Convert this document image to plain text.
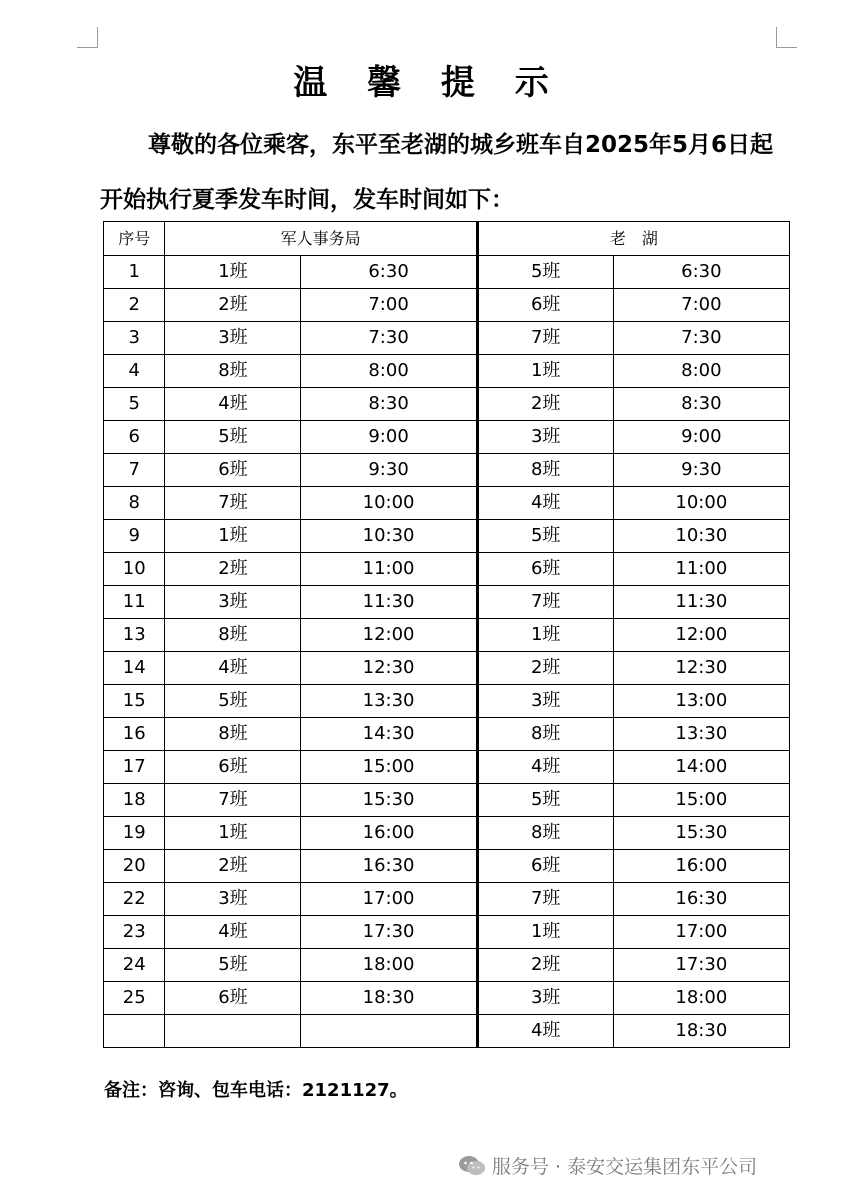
温 馨 提 示
尊敬的各位乘客，东平至老湖的城乡班车自2025年5月6日起开始执行夏季发车时间，发车时间如下：
序号	军人事务局		老　湖	
1	1班	6:30	5班	6:30
2	2班	7:00	6班	7:00
3	3班	7:30	7班	7:30
4	8班	8:00	1班	8:00
5	4班	8:30	2班	8:30
6	5班	9:00	3班	9:00
7	6班	9:30	8班	9:30
8	7班	10:00	4班	10:00
9	1班	10:30	5班	10:30
10	2班	11:00	6班	11:00
11	3班	11:30	7班	11:30
13	8班	12:00	1班	12:00
14	4班	12:30	2班	12:30
15	5班	13:30	3班	13:00
16	8班	14:30	8班	13:30
17	6班	15:00	4班	14:00
18	7班	15:30	5班	15:00
19	1班	16:00	8班	15:30
20	2班	16:30	6班	16:00
22	3班	17:00	7班	16:30
23	4班	17:30	1班	17:00
24	5班	18:00	2班	17:30
25	6班	18:30	3班	18:00
			4班	18:30
备注：咨询、包车电话：2121127。
服务号 · 泰安交运集团东平公司
